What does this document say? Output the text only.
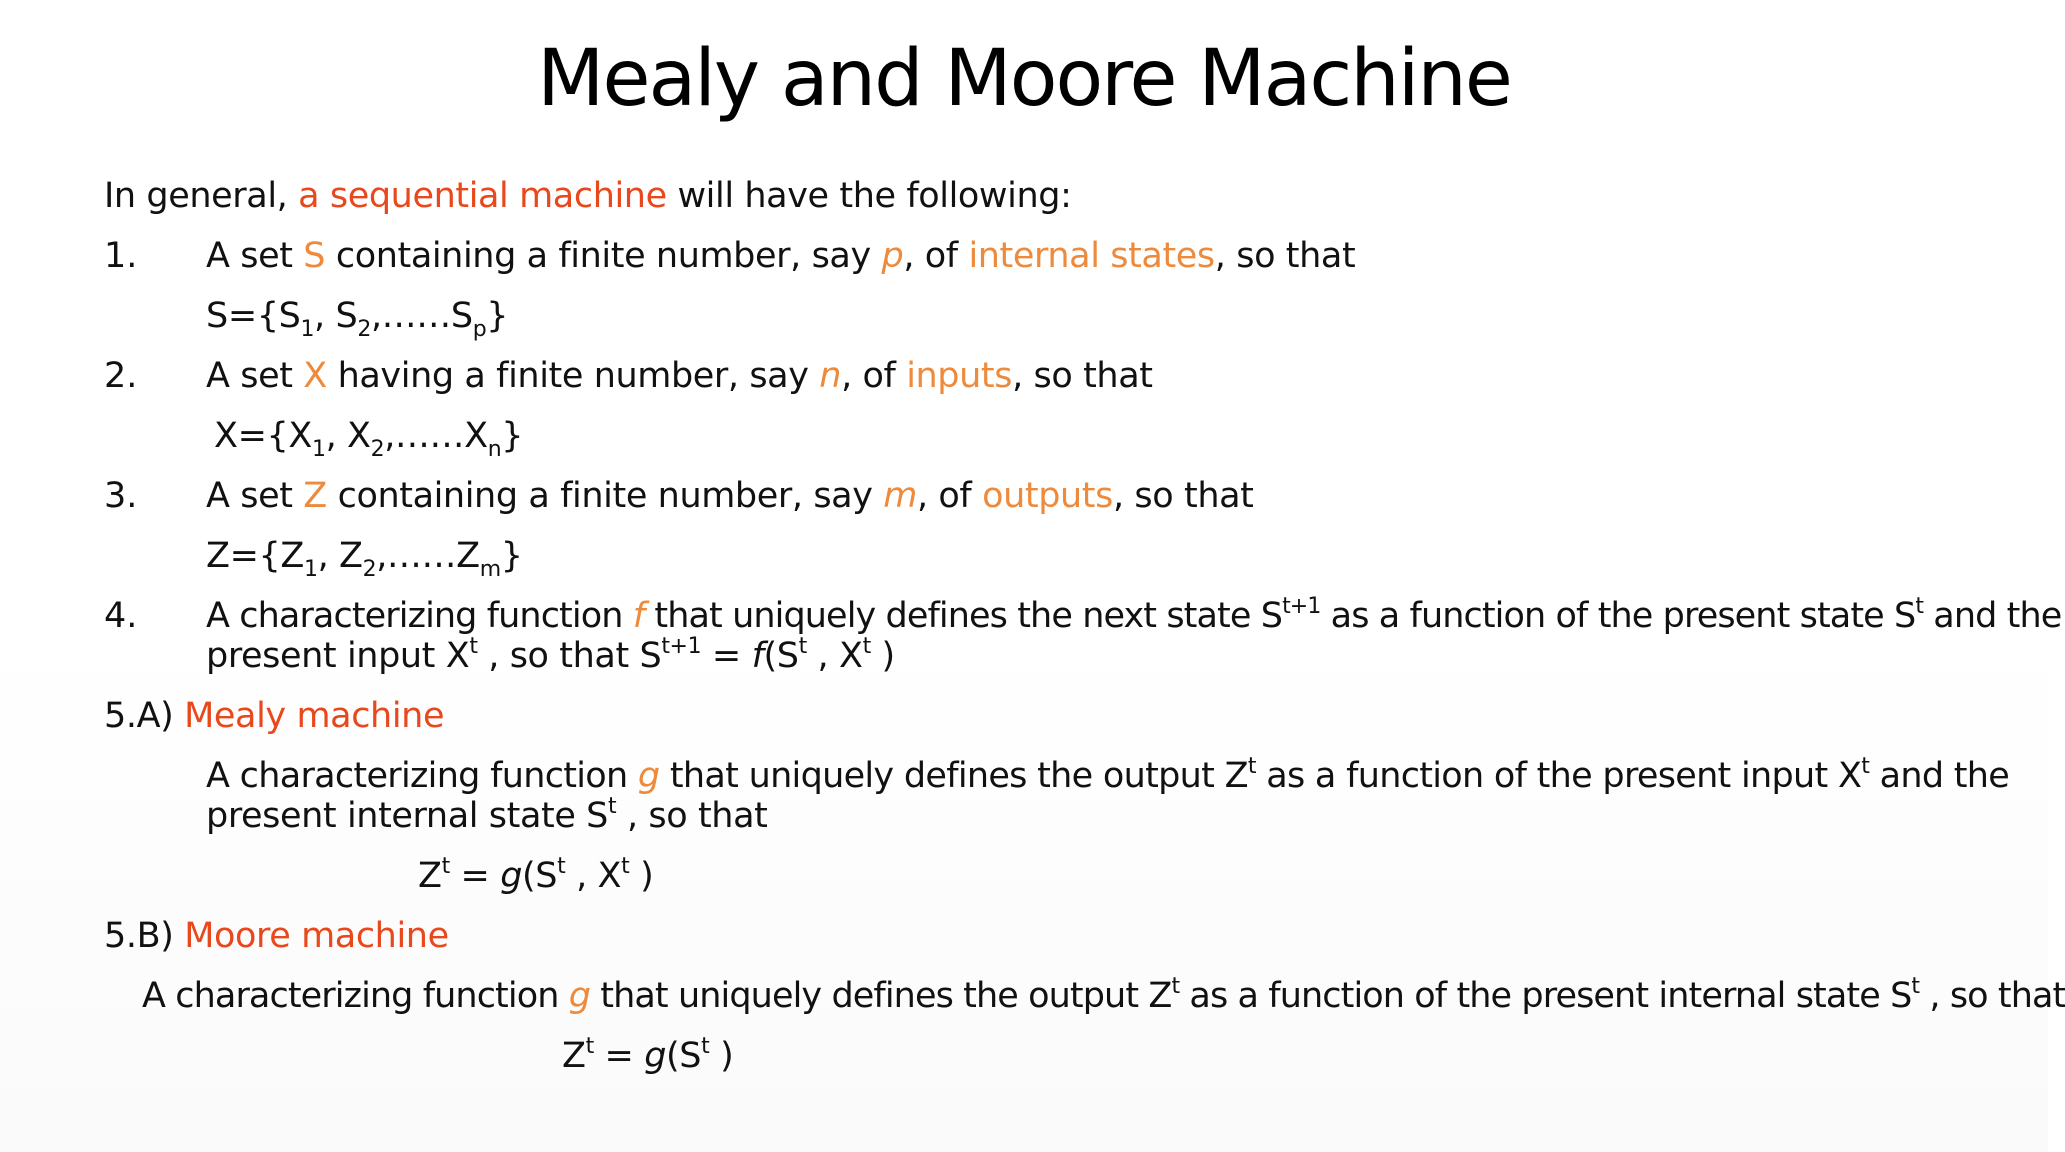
Mealy and Moore Machine
In general, a sequential machine will have the following:
1. A set S containing a finite number, say p, of internal states, so that
$S=\{S_1$, $S_2,\dots\dots S_p$}
2. A set X having a finite number, say n, of inputs, so that
$X=\{X_1$, $X_2,\dots\dots X_n$}
3. A set Z containing a finite number, say m, of outputs, so that
$Z=\{Z_1$, $Z_2,\dots\dots Z_m$}
4. A characterizing function f that uniquely defines the next state $S^{t+1}$ as a function of the present state $S^t$ and the
present input $X^t$ , so that $S^{t+1} = f(S^t$ , $X^t$ )
5.A) Mealy machine
A characterizing function g that uniquely defines the output $Z^t$ as a function of the present input $X^t$ and the
present internal state $S^t$ , so that
$Z^t = g(S^t$ , $X^t$ )
5.B) Moore machine
A characterizing function g that uniquely defines the output $Z^t$ as a function of the present internal state $S^t$ , so that
$Z^t = g(S^t$ )
